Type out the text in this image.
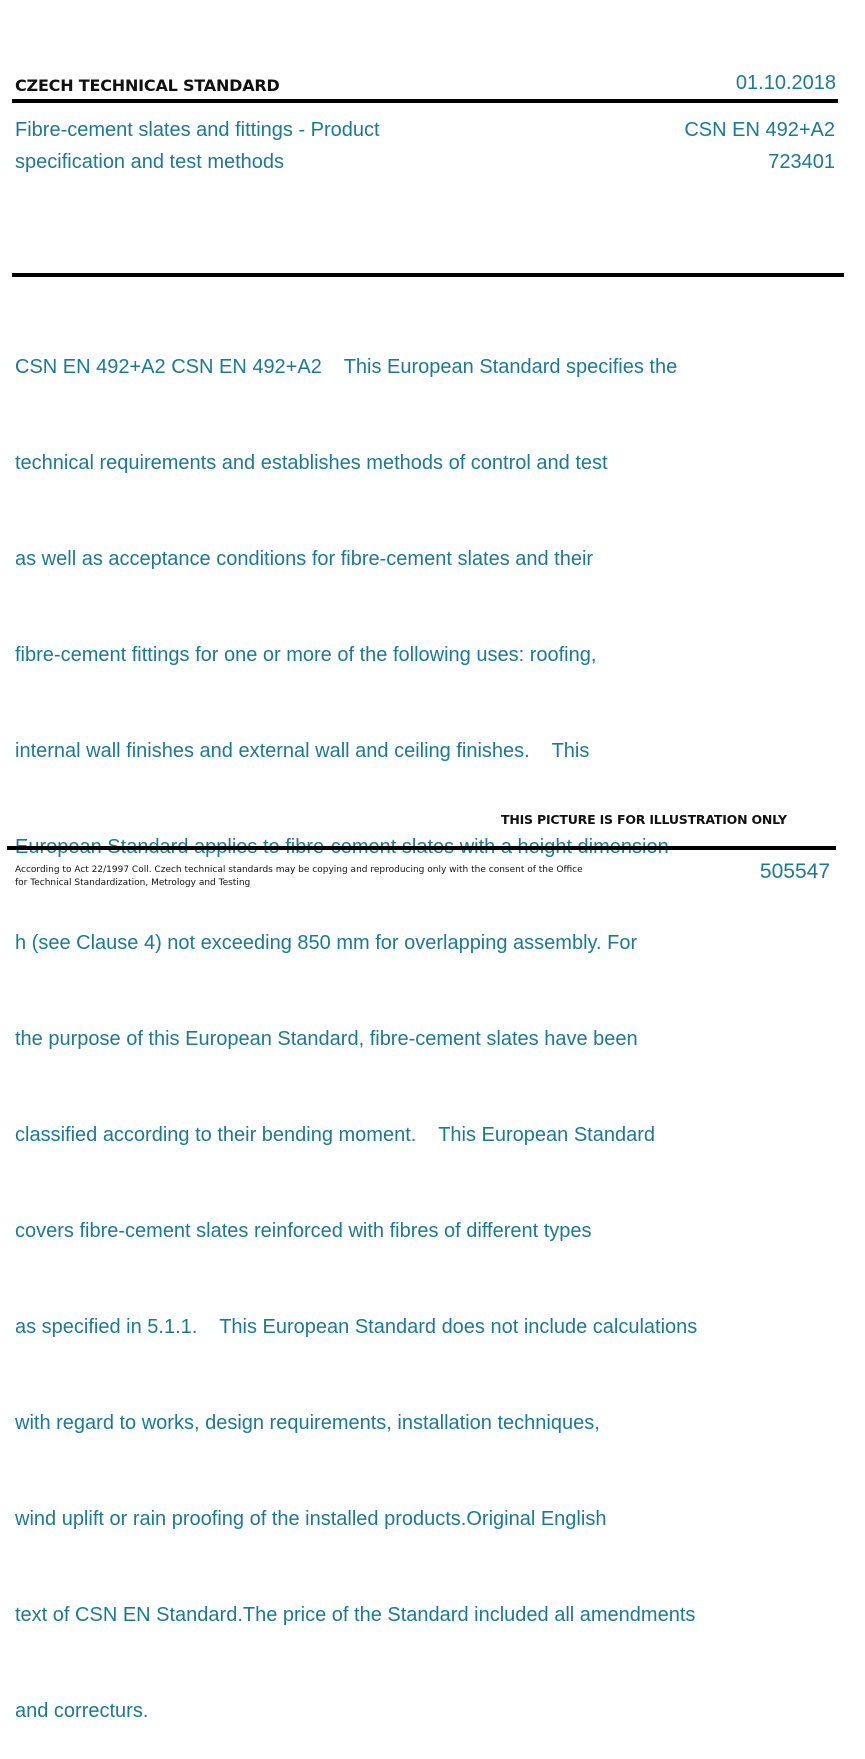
CZECH TECHNICAL STANDARD	01.10.2018
Fibre-cement slates and fittings - Product
specification and test methods
CSN EN 492+A2
723401

CSN EN 492+A2 CSN EN 492+A2    This European Standard specifies the

technical requirements and establishes methods of control and test

as well as acceptance conditions for fibre-cement slates and their

fibre-cement fittings for one or more of the following uses: roofing,

internal wall finishes and external wall and ceiling finishes.    This

h (see Clause 4) not exceeding 850 mm for overlapping assembly. For

the purpose of this European Standard, fibre-cement slates have been

classified according to their bending moment.    This European Standard

covers fibre-cement slates reinforced with fibres of different types

as specified in 5.1.1.    This European Standard does not include calculations

with regard to works, design requirements, installation techniques,

wind uplift or rain proofing of the installed products.Original English

text of CSN EN Standard.The price of the Standard included all amendments

and correcturs.

THIS PICTURE IS FOR ILLUSTRATION ONLY
According to Act 22/1997 Coll. Czech technical standards may be copying and reproducing only with the consent of the Office
for Technical Standardization, Metrology and Testing	505547
